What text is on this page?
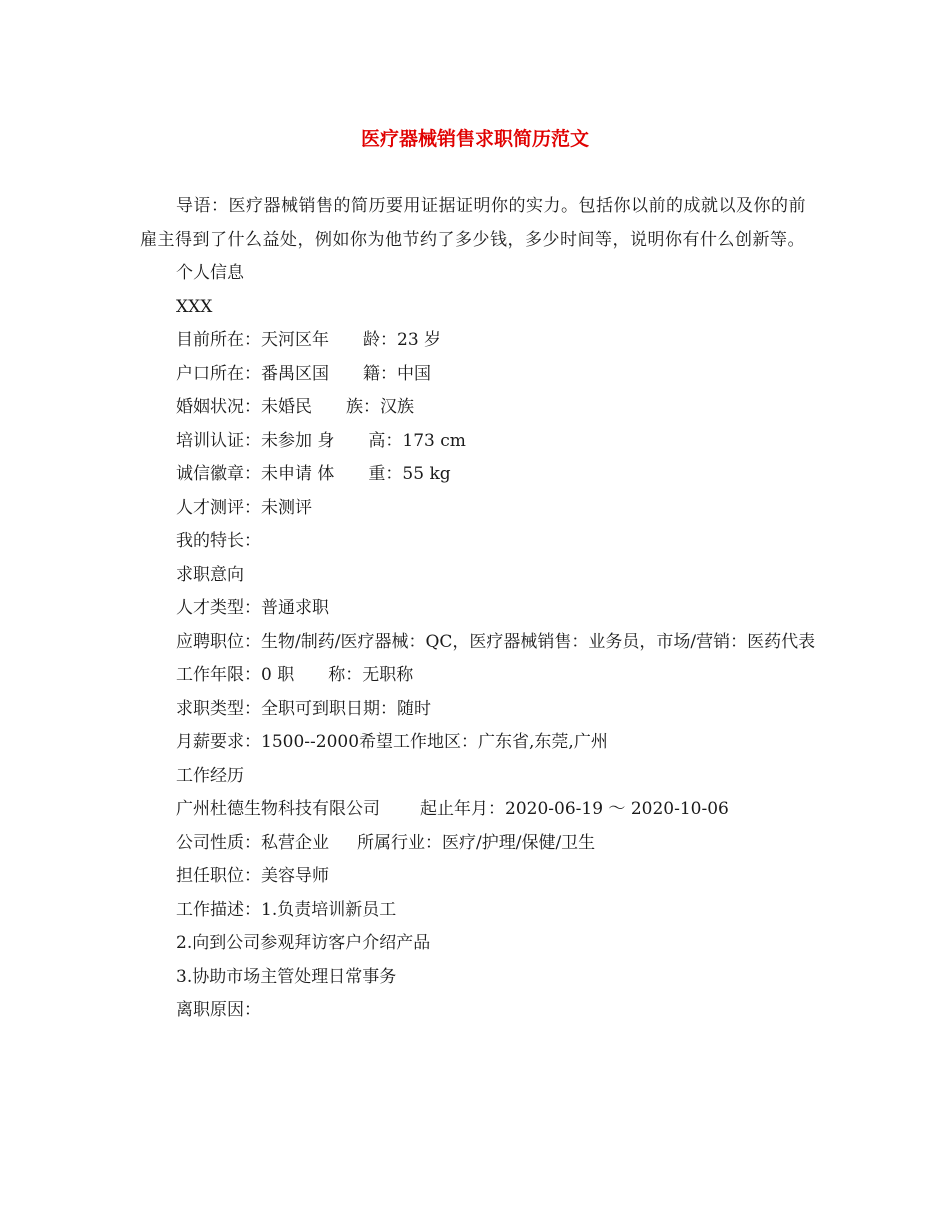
医疗器械销售求职简历范文

导语：医疗器械销售的简历要用证据证明你的实力。包括你以前的成就以及你的前雇主得到了什么益处，例如你为他节约了多少钱，多少时间等，说明你有什么创新等。

个人信息

XXX

目前所在：天河区年　　龄：23 岁

户口所在：番禺区国　　籍：中国

婚姻状况：未婚民　　族：汉族

培训认证：未参加 身　　高：173 cm

诚信徽章：未申请 体　　重：55 kg

人才测评：未测评

我的特长：

求职意向

人才类型：普通求职

应聘职位：生物/制药/医疗器械：QC，医疗器械销售：业务员，市场/营销：医药代表

工作年限：0 职　　称：无职称

求职类型：全职可到职日期：随时

月薪要求：1500--2000希望工作地区：广东省,东莞,广州

工作经历

广州杜德生物科技有限公司 起止年月：2020-06-19 ～ 2020-10-06

公司性质：私营企业 所属行业：医疗/护理/保健/卫生

担任职位：美容导师

工作描述：1.负责培训新员工

2.向到公司参观拜访客户介绍产品

3.协助市场主管处理日常事务

离职原因：
